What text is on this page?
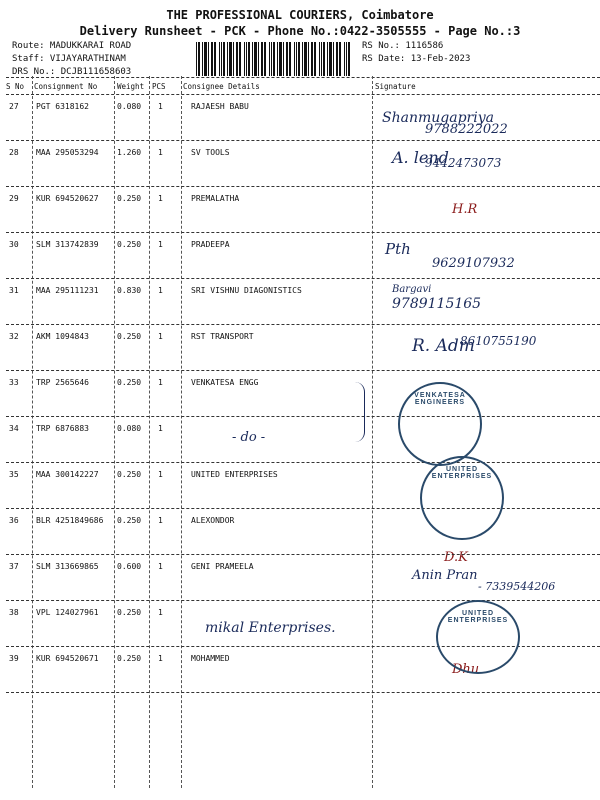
THE PROFESSIONAL COURIERS, Coimbatore
Delivery Runsheet - PCK - Phone No.:0422-3505555 - Page No.:3
Route: MADUKKARAI ROAD
Staff: VIJAYARATHINAM
DRS No.: DCJB111658603
RS No.: 1116586
RS Date: 13-Feb-2023
S No Consignment No	Weight PCS Consignee Details	Signature
27 PGT 6318162	0.080 1	RAJAESH BABU
Shanmugapriya
9788222022
28 MAA 295053294 1.260 1	SV TOOLS	A. lend
9442473073
29 KUR 694520627 0.250 1	PREMALATHA
H.R
30 SLM 313742839 0.250 1	PRADEEPA	Pth
9629107932
31 MAA 295111231 0.830 1	SRI VISHNU DIAGONISTICS	Bargavi
9789115165
32 AKM 1094843	0.250 1	RST TRANSPORT	R. Adm
8610755190
33 TRP 2565646	0.250 1	VENKATESA ENGG
34 TRP 6876883	0.080 1
- do -
35 MAA 300142227 0.250 1	UNITED ENTERPRISES
36 BLR 4251849686 0.250 1	ALEXONDOR
D.K
37 SLM 313669865 0.600 1	GENI PRAMEELA
Anin Pran
- 7339544206
38 VPL 124027961 0.250 1
mikal Enterprises.
39 KUR 694520671 0.250 1	MOHAMMED
Dhu
VENKATESA ENGINEERS
UNITED ENTERPRISES
UNITED ENTERPRISES
